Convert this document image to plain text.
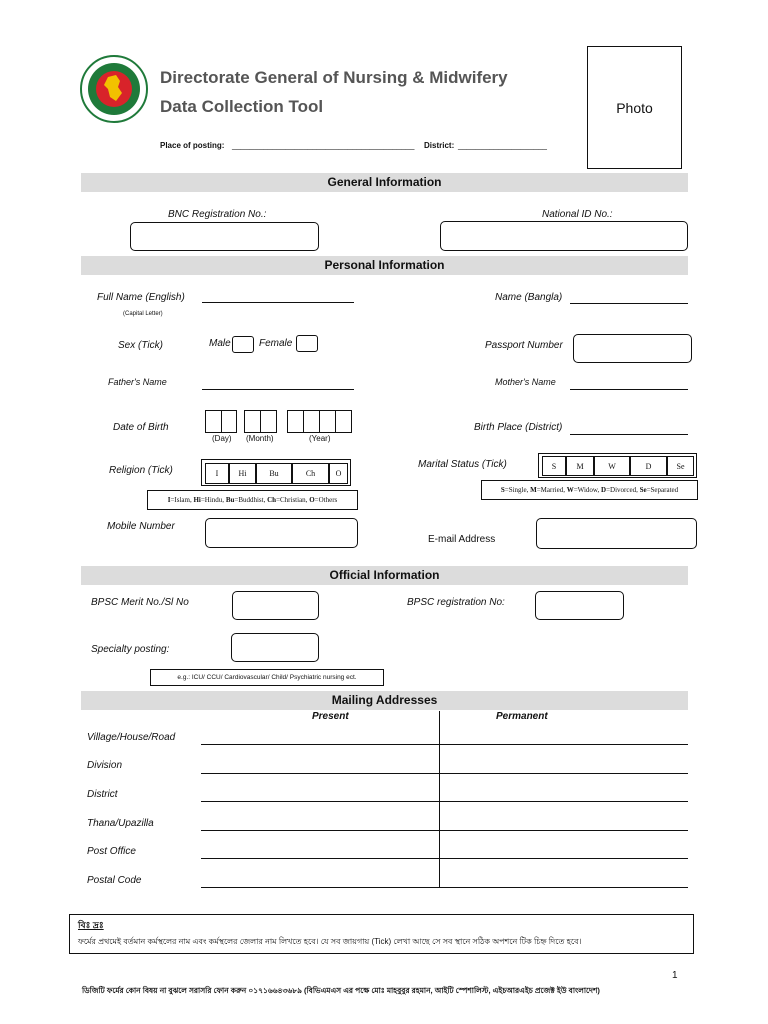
Directorate General of Nursing & Midwifery
Data Collection Tool	Photo
Place of posting: _________________________________________ District: ____________________
General Information
BNC Registration No.:	National ID No.:
Personal Information
Full Name (English)
(Capital Letter)
Name (Bangla)
Sex (Tick)	Male	Female	Passport Number
Father's Name	Mother's Name
Date of Birth
(Day) (Month)	(Year)
Birth Place (District)
Religion (Tick)	I	Hi	Bu	Ch	O
I=Islam, Hi=Hindu, Bu=Buddhist, Ch=Christian, O=Others
Marital Status (Tick)	S	M	W	D	Se
S=Single, M=Married, W=Widow, D=Divorced, Se=Separated
Mobile Number
E-mail Address
Official Information
BPSC Merit No./Sl No	BPSC registration No:
Specialty posting:
e.g.: ICU/ CCU/ Cardiovascular/ Child/ Psychiatric nursing ect.
Mailing Addresses
Present	Permanent
Village/House/Road
Division
District
Thana/Upazilla
Post Office
Postal Code
বিঃ দ্রঃ
ফর্মের প্রথমেই বর্তমান কর্মস্থলের নাম এবং কর্মস্থলের জেলার নাম লিখতে হবে। যে সব জায়গায় (Tick) লেখা আছে সে সব স্থানে সঠিক অপশনে টিক চিহ্ন দিতে হবে।
1
ডিজিটি ফর্মের কোন বিষয় না বুঝলে সরাসরি ফোন করুন ০১৭১৬৬৪৩৬৮৯ (বিভিএমএস এর পক্ষে মোঃ মাহবুবুর রহমান, আইটি স্পেশালিস্ট, এইচআরএইচ প্রজেক্ট ইউ বাংলাদেশ)
